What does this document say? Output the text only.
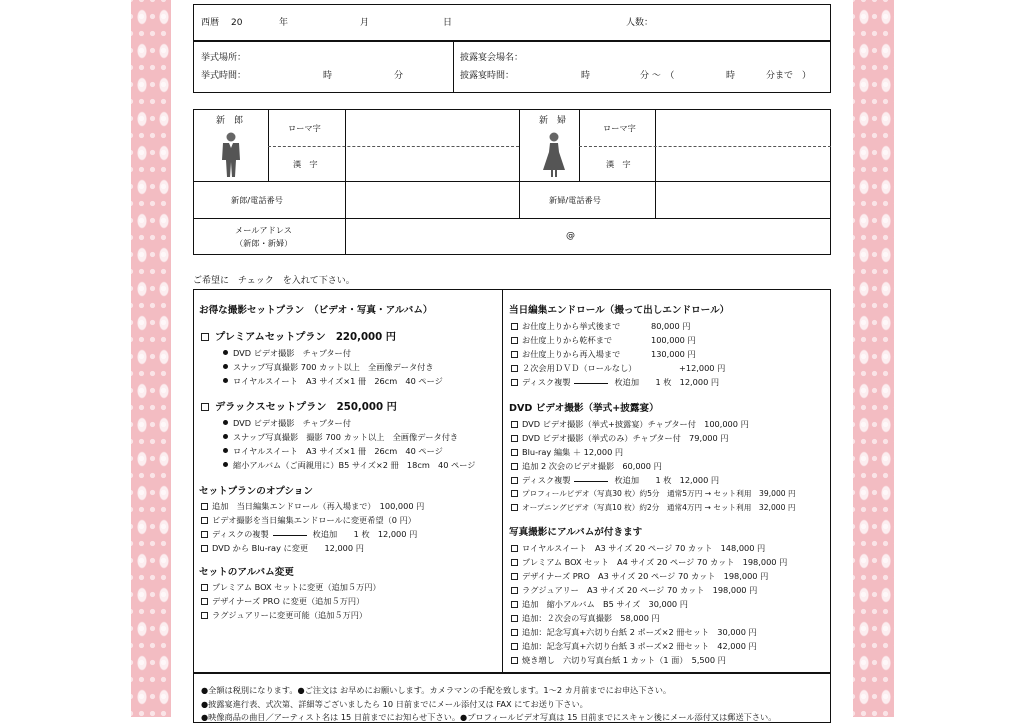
西暦 20	年	月	日	人数：
挙式場所：
挙式時間：	時	分
披露宴会場名：
披露宴時間：	時	分 ～　（	時	分まで　）
新　郎
ローマ字
漢　字
新　婦
ローマ字
漢　字
新郎/電話番号	新婦/電話番号
メールアドレス
（新郎・新婦）
@
ご希望に　チェック　を入れて下さい。
お得な撮影セットプラン　（ビデオ・写真・アルバム）
プレミアムセットプラン　220,000 円
DVD ビデオ撮影　チャプター付
スナップ写真撮影 700 カット以上　全画像データ付き
ロイヤルスイート　A3 サイズ×1 冊　26cm　40 ページ
デラックスセットプラン　250,000 円
DVD ビデオ撮影　チャプター付
スナップ写真撮影　撮影 700 カット以上　全画像データ付き
ロイヤルスイート　A3 サイズ×1 冊　26cm　40 ページ
縮小アルバム（ご両親用に）B5 サイズ×2 冊　18cm　40 ページ
セットプランのオプション
追加　当日編集エンドロール（再入場まで）　100,000 円
ビデオ撮影を当日編集エンドロールに変更希望（0 円）
ディスクの複製	枚追加　　 1 枚　12,000 円
DVD から Blu-ray に変更　　12,000 円
セットのアルバム変更
プレミアム BOX セットに変更（追加５万円）
デザイナーズ PRO に変更（追加５万円）
ラグジュアリーに変更可能（追加５万円）
当日編集エンドロール（撮って出しエンドロール）
お仕度上りから挙式後まで	80,000 円
お仕度上りから乾杯まで	100,000 円
お仕度上りから再入場まで	130,000 円
２次会用ＤＶＤ（ロールなし）	+12,000 円
ディスク複製	枚追加　　 1 枚　12,000 円
DVD ビデオ撮影（挙式+披露宴）
DVD ビデオ撮影（挙式+披露宴）チャプター付　100,000 円
DVD ビデオ撮影（挙式のみ）チャプター付　79,000 円
Blu-ray 編集 ＋ 12,000 円
追加 2 次会のビデオ撮影　60,000 円
ディスク複製	枚追加　　 1 枚　12,000 円
プロフィールビデオ（写真30 枚）約5分　通常5万円 → セット利用　39,000 円
オープニングビデオ（写真10 枚）約2分　通常4万円 → セット利用　32,000 円
写真撮影にアルバムが付きます
ロイヤルスイート　A3 サイズ 20 ページ 70 カット　148,000 円
プレミアム BOX セット　A4 サイズ 20 ページ 70 カット　198,000 円
デザイナーズ PRO　A3 サイズ 20 ページ 70 カット　198,000 円
ラグジュアリー　A3 サイズ 20 ページ 70 カット　198,000 円
追加　縮小アルバム　B5 サイズ　30,000 円
追加：２次会の写真撮影　58,000 円
追加：記念写真+六切り台紙 2 ポーズ×2 冊セット　30,000 円
追加：記念写真+六切り台紙 3 ポーズ×2 冊セット　42,000 円
焼き増し　六切り写真台紙 1 カット（1 面）　5,500 円
●全額は税別になります。●ご注文は お早めにお願いします。カメラマンの手配を致します。1～2 カ月前までにお申込下さい。
●披露宴進行表、式次第、詳細等ございましたら 10 日前までにメール添付又は FAX にてお送り下さい。
●映像商品の曲目／アーティスト名は 15 日前までにお知らせ下さい。●プロフィールビデオ写真は 15 日前までにスキャン後にメール添付又は郵送下さい。
